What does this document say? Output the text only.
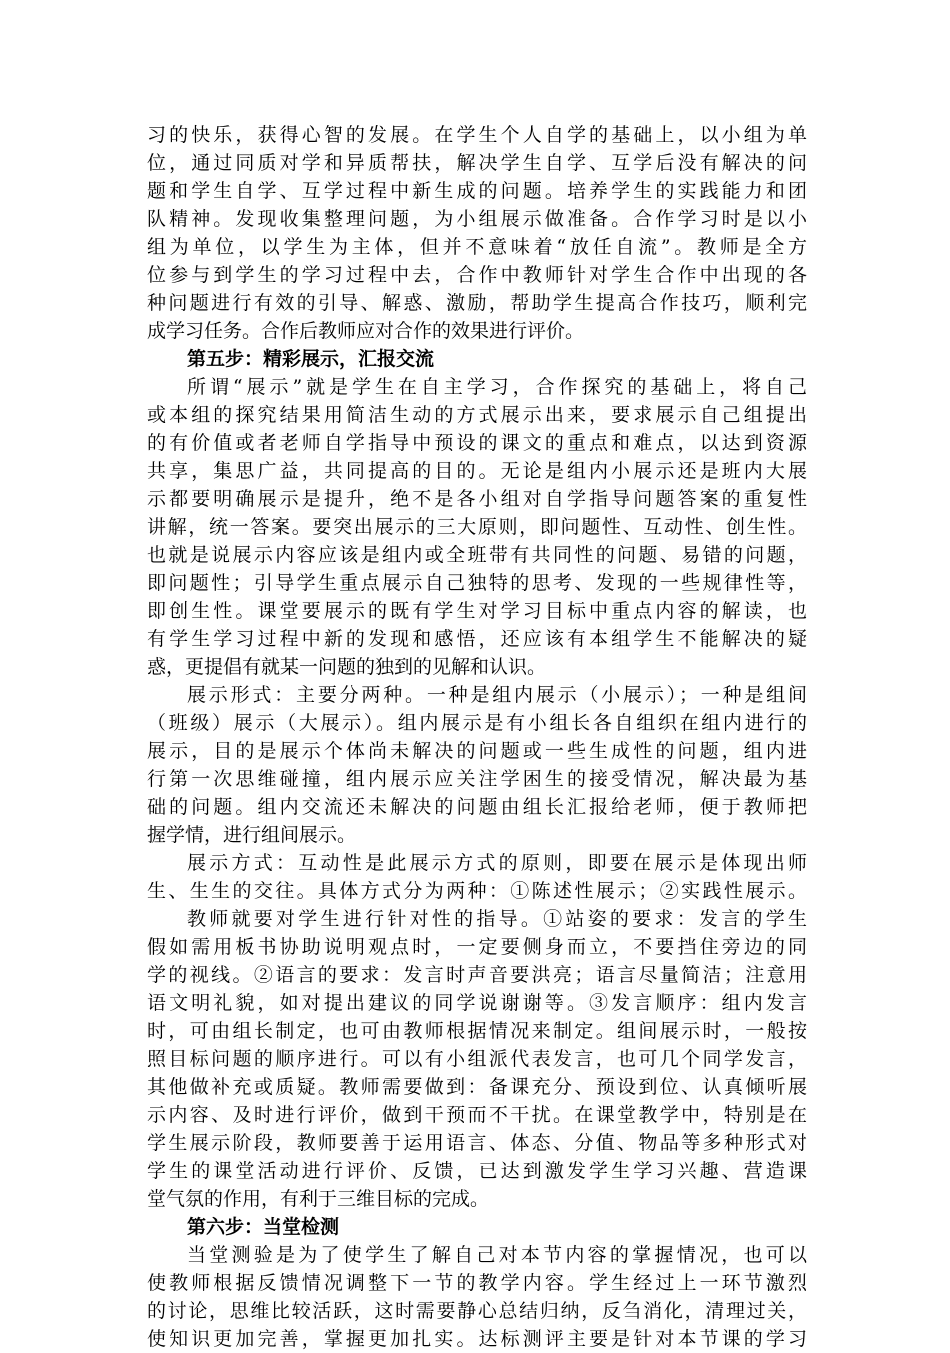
习的快乐，获得心智的发展。在学生个人自学的基础上，以小组为单
位，通过同质对学和异质帮扶，解决学生自学、互学后没有解决的问
题和学生自学、互学过程中新生成的问题。培养学生的实践能力和团
队精神。发现收集整理问题，为小组展示做准备。合作学习时是以小
组为单位，以学生为主体，但并不意味着“放任自流”。教师是全方
位参与到学生的学习过程中去，合作中教师针对学生合作中出现的各
种问题进行有效的引导、解惑、激励，帮助学生提高合作技巧，顺利完
成学习任务。合作后教师应对合作的效果进行评价。
第五步：精彩展示，汇报交流
所谓“展示”就是学生在自主学习，合作探究的基础上，将自己
或本组的探究结果用简洁生动的方式展示出来，要求展示自己组提出
的有价值或者老师自学指导中预设的课文的重点和难点，以达到资源
共享，集思广益，共同提高的目的。无论是组内小展示还是班内大展
示都要明确展示是提升，绝不是各小组对自学指导问题答案的重复性
讲解，统一答案。要突出展示的三大原则，即问题性、互动性、创生性。
也就是说展示内容应该是组内或全班带有共同性的问题、易错的问题，
即问题性；引导学生重点展示自己独特的思考、发现的一些规律性等，
即创生性。课堂要展示的既有学生对学习目标中重点内容的解读，也
有学生学习过程中新的发现和感悟，还应该有本组学生不能解决的疑
惑，更提倡有就某一问题的独到的见解和认识。
展示形式：主要分两种。一种是组内展示（小展示）；一种是组间
（班级）展示（大展示）。组内展示是有小组长各自组织在组内进行的
展示，目的是展示个体尚未解决的问题或一些生成性的问题，组内进
行第一次思维碰撞，组内展示应关注学困生的接受情况，解决最为基
础的问题。组内交流还未解决的问题由组长汇报给老师，便于教师把
握学情，进行组间展示。
展示方式：互动性是此展示方式的原则，即要在展示是体现出师
生、生生的交往。具体方式分为两种：①陈述性展示；②实践性展示。
教师就要对学生进行针对性的指导。①站姿的要求：发言的学生
假如需用板书协助说明观点时，一定要侧身而立，不要挡住旁边的同
学的视线。②语言的要求：发言时声音要洪亮；语言尽量简洁；注意用
语文明礼貌，如对提出建议的同学说谢谢等。③发言顺序：组内发言
时，可由组长制定，也可由教师根据情况来制定。组间展示时，一般按
照目标问题的顺序进行。可以有小组派代表发言，也可几个同学发言，
其他做补充或质疑。教师需要做到：备课充分、预设到位、认真倾听展
示内容、及时进行评价，做到干预而不干扰。在课堂教学中，特别是在
学生展示阶段，教师要善于运用语言、体态、分值、物品等多种形式对
学生的课堂活动进行评价、反馈，已达到激发学生学习兴趣、营造课
堂气氛的作用，有利于三维目标的完成。
第六步：当堂检测
当堂测验是为了使学生了解自己对本节内容的掌握情况，也可以
使教师根据反馈情况调整下一节的教学内容。学生经过上一环节激烈
的讨论，思维比较活跃，这时需要静心总结归纳，反刍消化，清理过关，
使知识更加完善，掌握更加扎实。达标测评主要是针对本节课的学习
